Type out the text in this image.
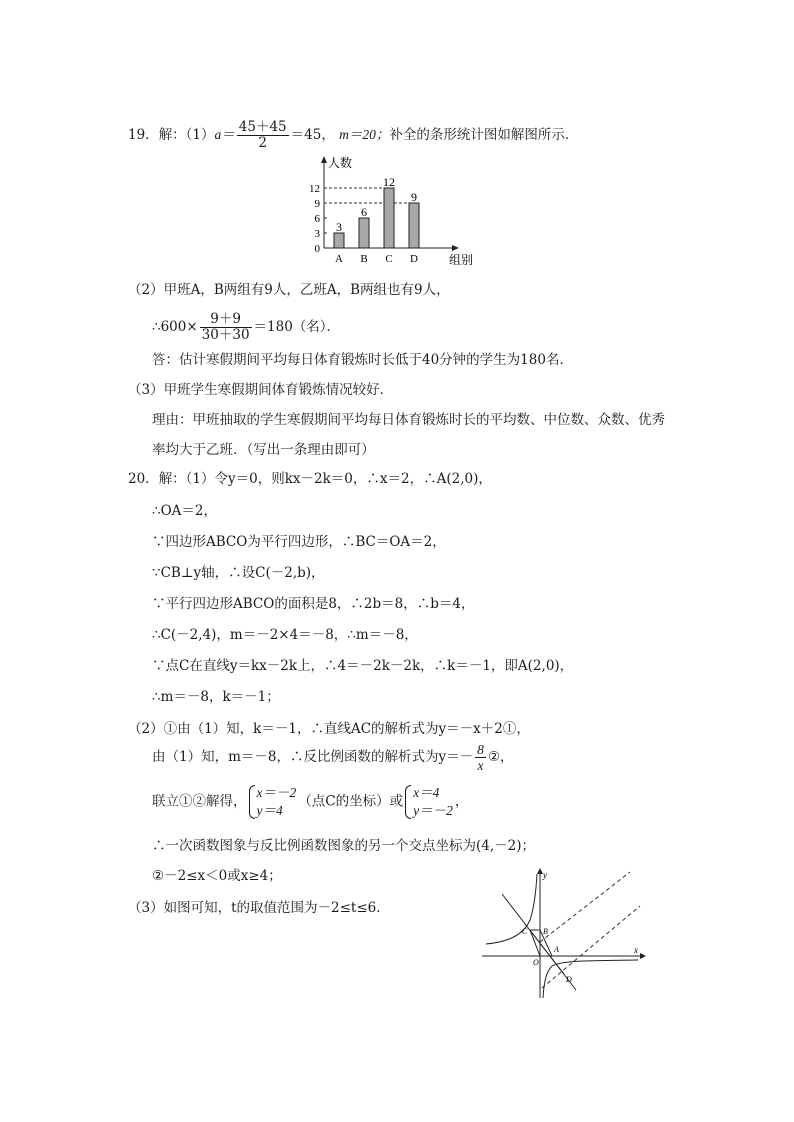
19．解：$(1)a= \frac{45+45}{2} =45$， m＝20；补全的条形统计图如解图所示．
人数
组别
0
3
6
9
12
3
A
6
B
12
C
9
D
（2）甲班A，B两组有9人，乙班A，B两组也有9人，
∴600× $\frac{9+9}{30+30} =180$（名）．
答：估计寒假期间平均每日体育锻炼时长低于40分钟的学生为180名．
（3）甲班学生寒假期间体育锻炼情况较好．
理由：甲班抽取的学生寒假期间平均每日体育锻炼时长的平均数、中位数、众数、优秀
率均大于乙班．（写出一条理由即可）
20．解：（1）令y＝0，则kx－2k＝0，∴x＝2，∴A(2,0)，
∴OA＝2，
∵四边形ABCO为平行四边形，∴BC＝OA＝2，
∵CB⊥y轴，∴设C(－2,b)，
∵平行四边形ABCO的面积是8，∴2b＝8，∴b＝4，
∴C(－2,4)，m＝－2×4＝－8，∴m＝－8，
∵点C在直线y＝kx－2k上，∴4＝－2k－2k，∴k＝－1，即A(2,0)，
∴m＝－8，k＝－1；
（2）①由（1）知，k＝－1，∴直线AC的解析式为y＝－x＋2①，
由（1）知，m＝－8，∴反比例函数的解析式为$y=- \frac{8}{x}$ ②，
联立①②解得，
x＝－2
y＝4
（点C的坐标）或
x＝4
y＝－2
，
∴一次函数图象与反比例函数图象的另一个交点坐标为(4,－2)；
②－2≤x＜0或x≥4；
（3）如图可知，t的取值范围为－2≤t≤6．
x
y
C B
A
O
D
